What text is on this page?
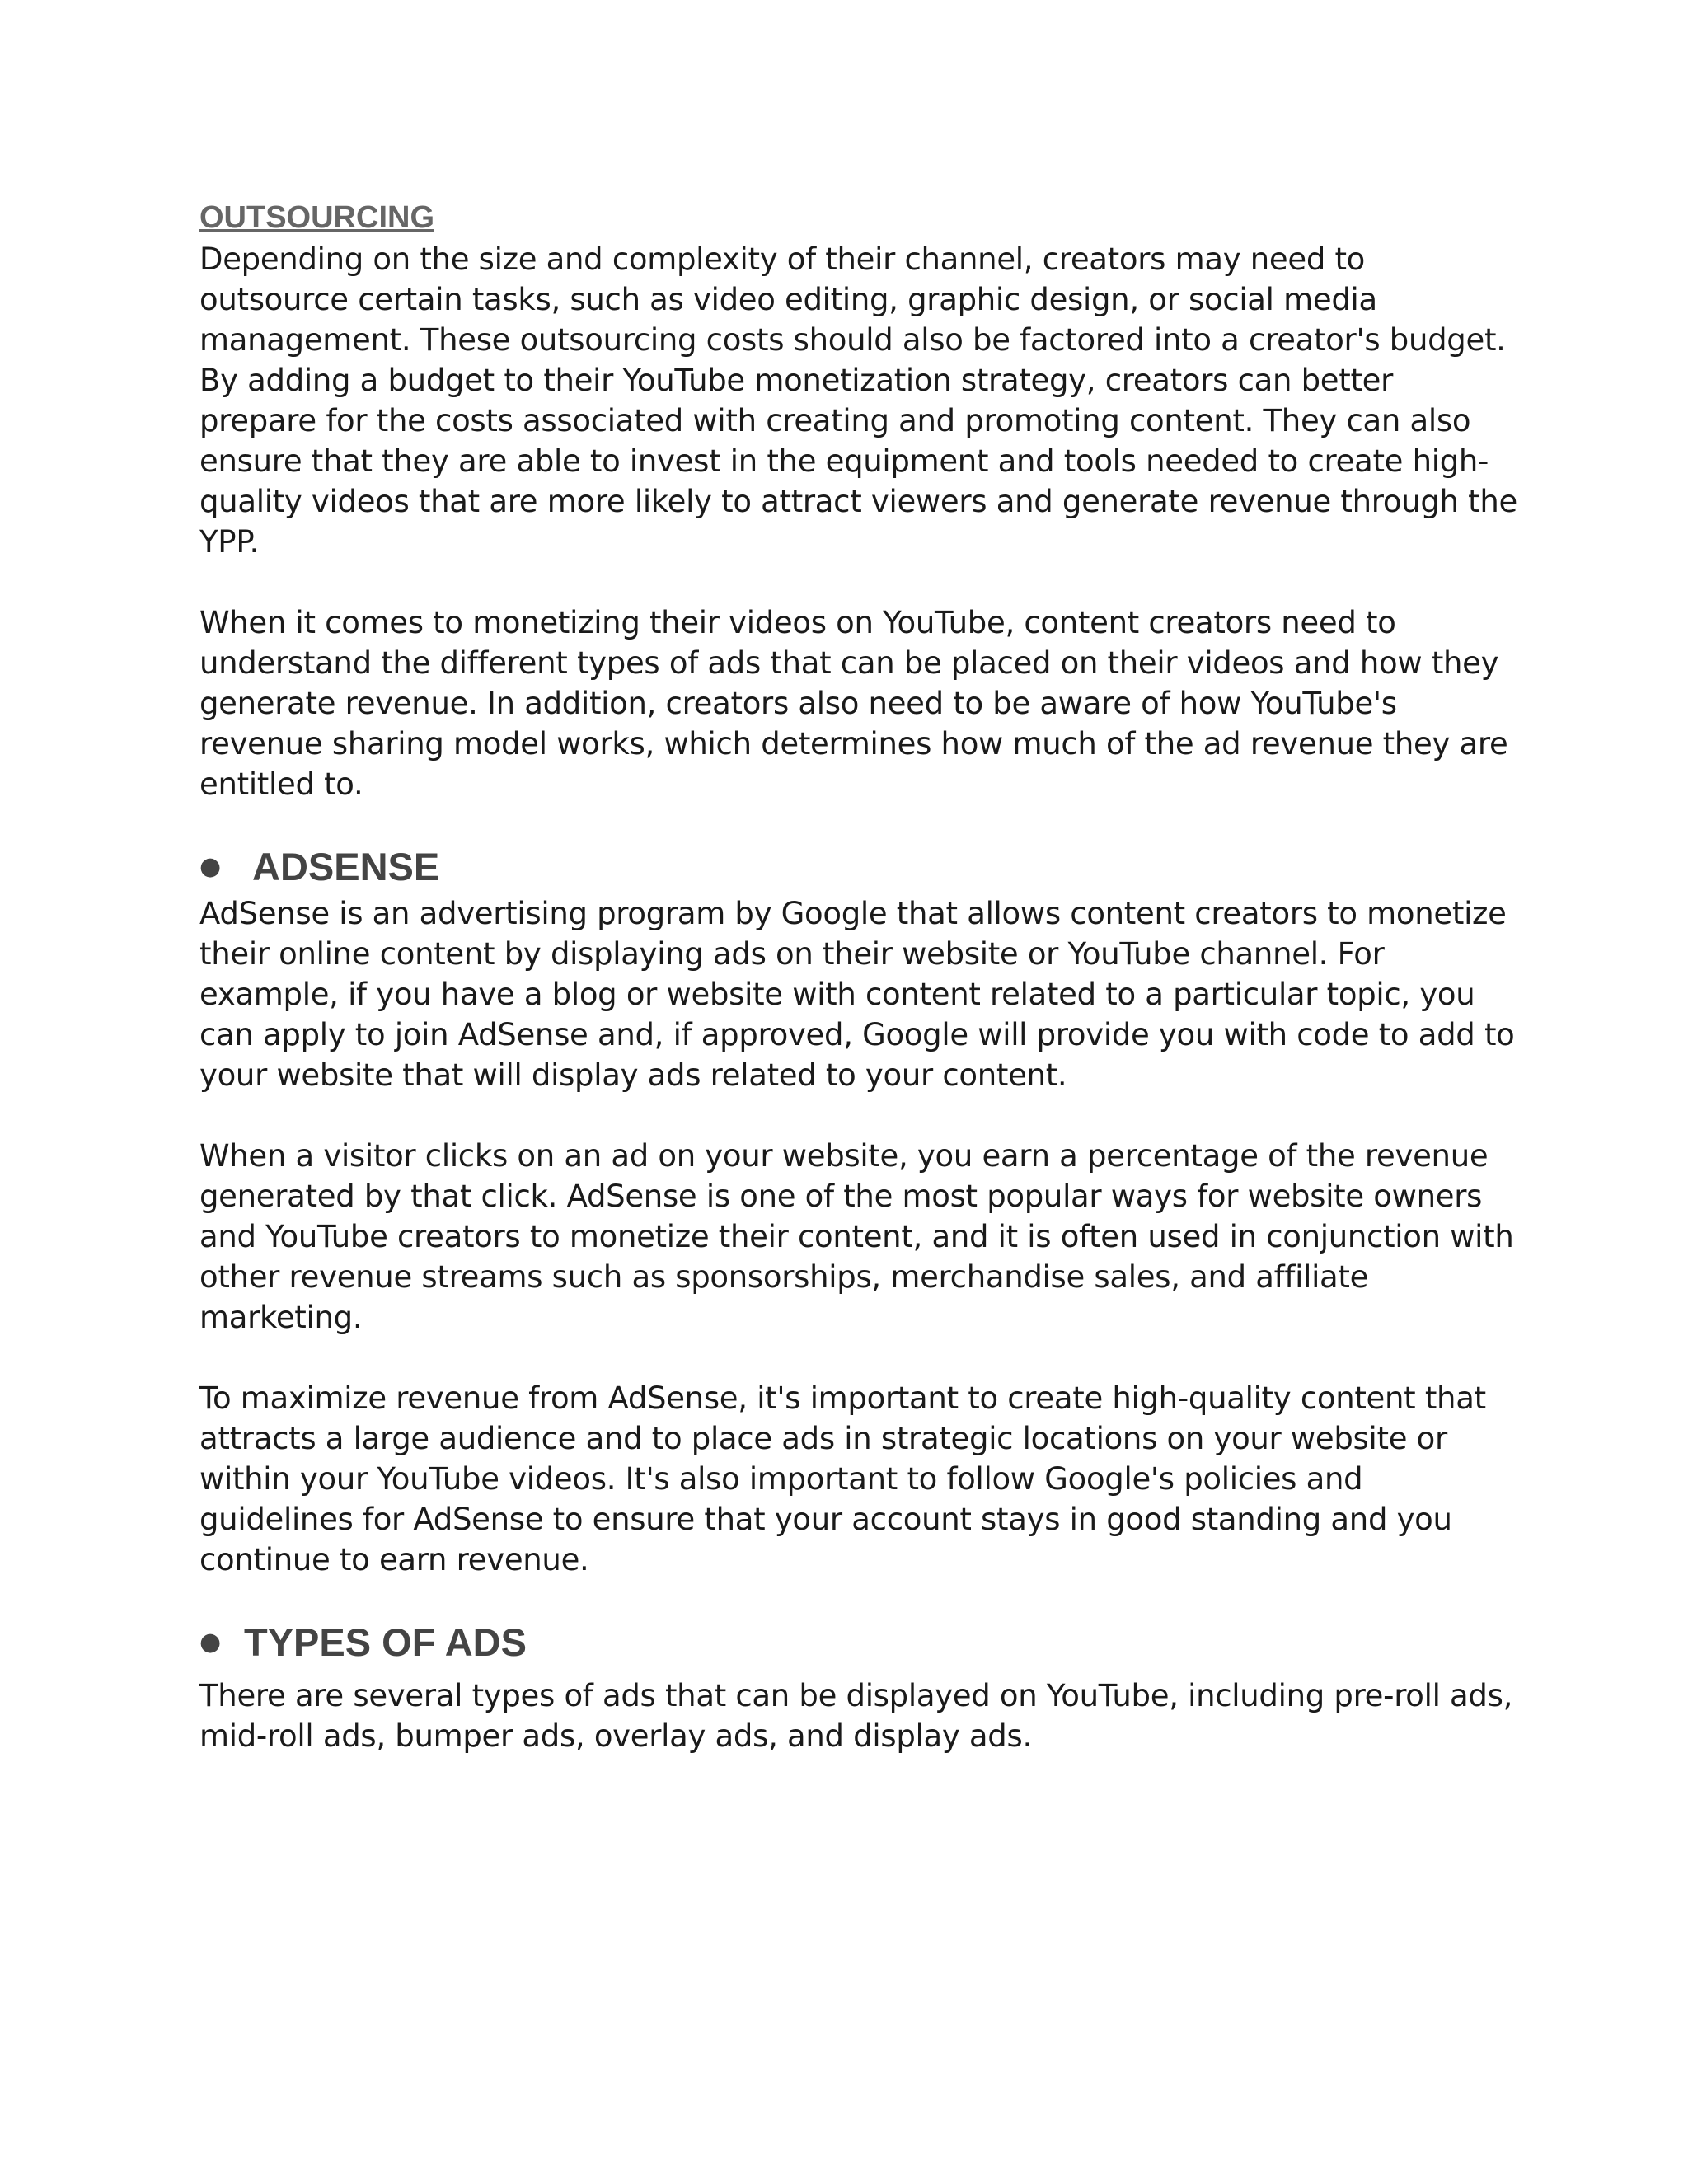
OUTSOURCING

Depending on the size and complexity of their channel, creators may need to outsource certain tasks, such as video editing, graphic design, or social media management. These outsourcing costs should also be factored into a creator's budget.

By adding a budget to their YouTube monetization strategy, creators can better prepare for the costs associated with creating and promoting content. They can also ensure that they are able to invest in the equipment and tools needed to create high-quality videos that are more likely to attract viewers and generate revenue through the YPP.

When it comes to monetizing their videos on YouTube, content creators need to understand the different types of ads that can be placed on their videos and how they generate revenue. In addition, creators also need to be aware of how YouTube's revenue sharing model works, which determines how much of the ad revenue they are entitled to.

● ADSENSE

AdSense is an advertising program by Google that allows content creators to monetize their online content by displaying ads on their website or YouTube channel. For example, if you have a blog or website with content related to a particular topic, you can apply to join AdSense and, if approved, Google will provide you with code to add to your website that will display ads related to your content.

When a visitor clicks on an ad on your website, you earn a percentage of the revenue generated by that click. AdSense is one of the most popular ways for website owners and YouTube creators to monetize their content, and it is often used in conjunction with other revenue streams such as sponsorships, merchandise sales, and affiliate marketing.

To maximize revenue from AdSense, it's important to create high-quality content that attracts a large audience and to place ads in strategic locations on your website or within your YouTube videos. It's also important to follow Google's policies and guidelines for AdSense to ensure that your account stays in good standing and you continue to earn revenue.

● TYPES OF ADS

There are several types of ads that can be displayed on YouTube, including pre-roll ads, mid-roll ads, bumper ads, overlay ads, and display ads.
